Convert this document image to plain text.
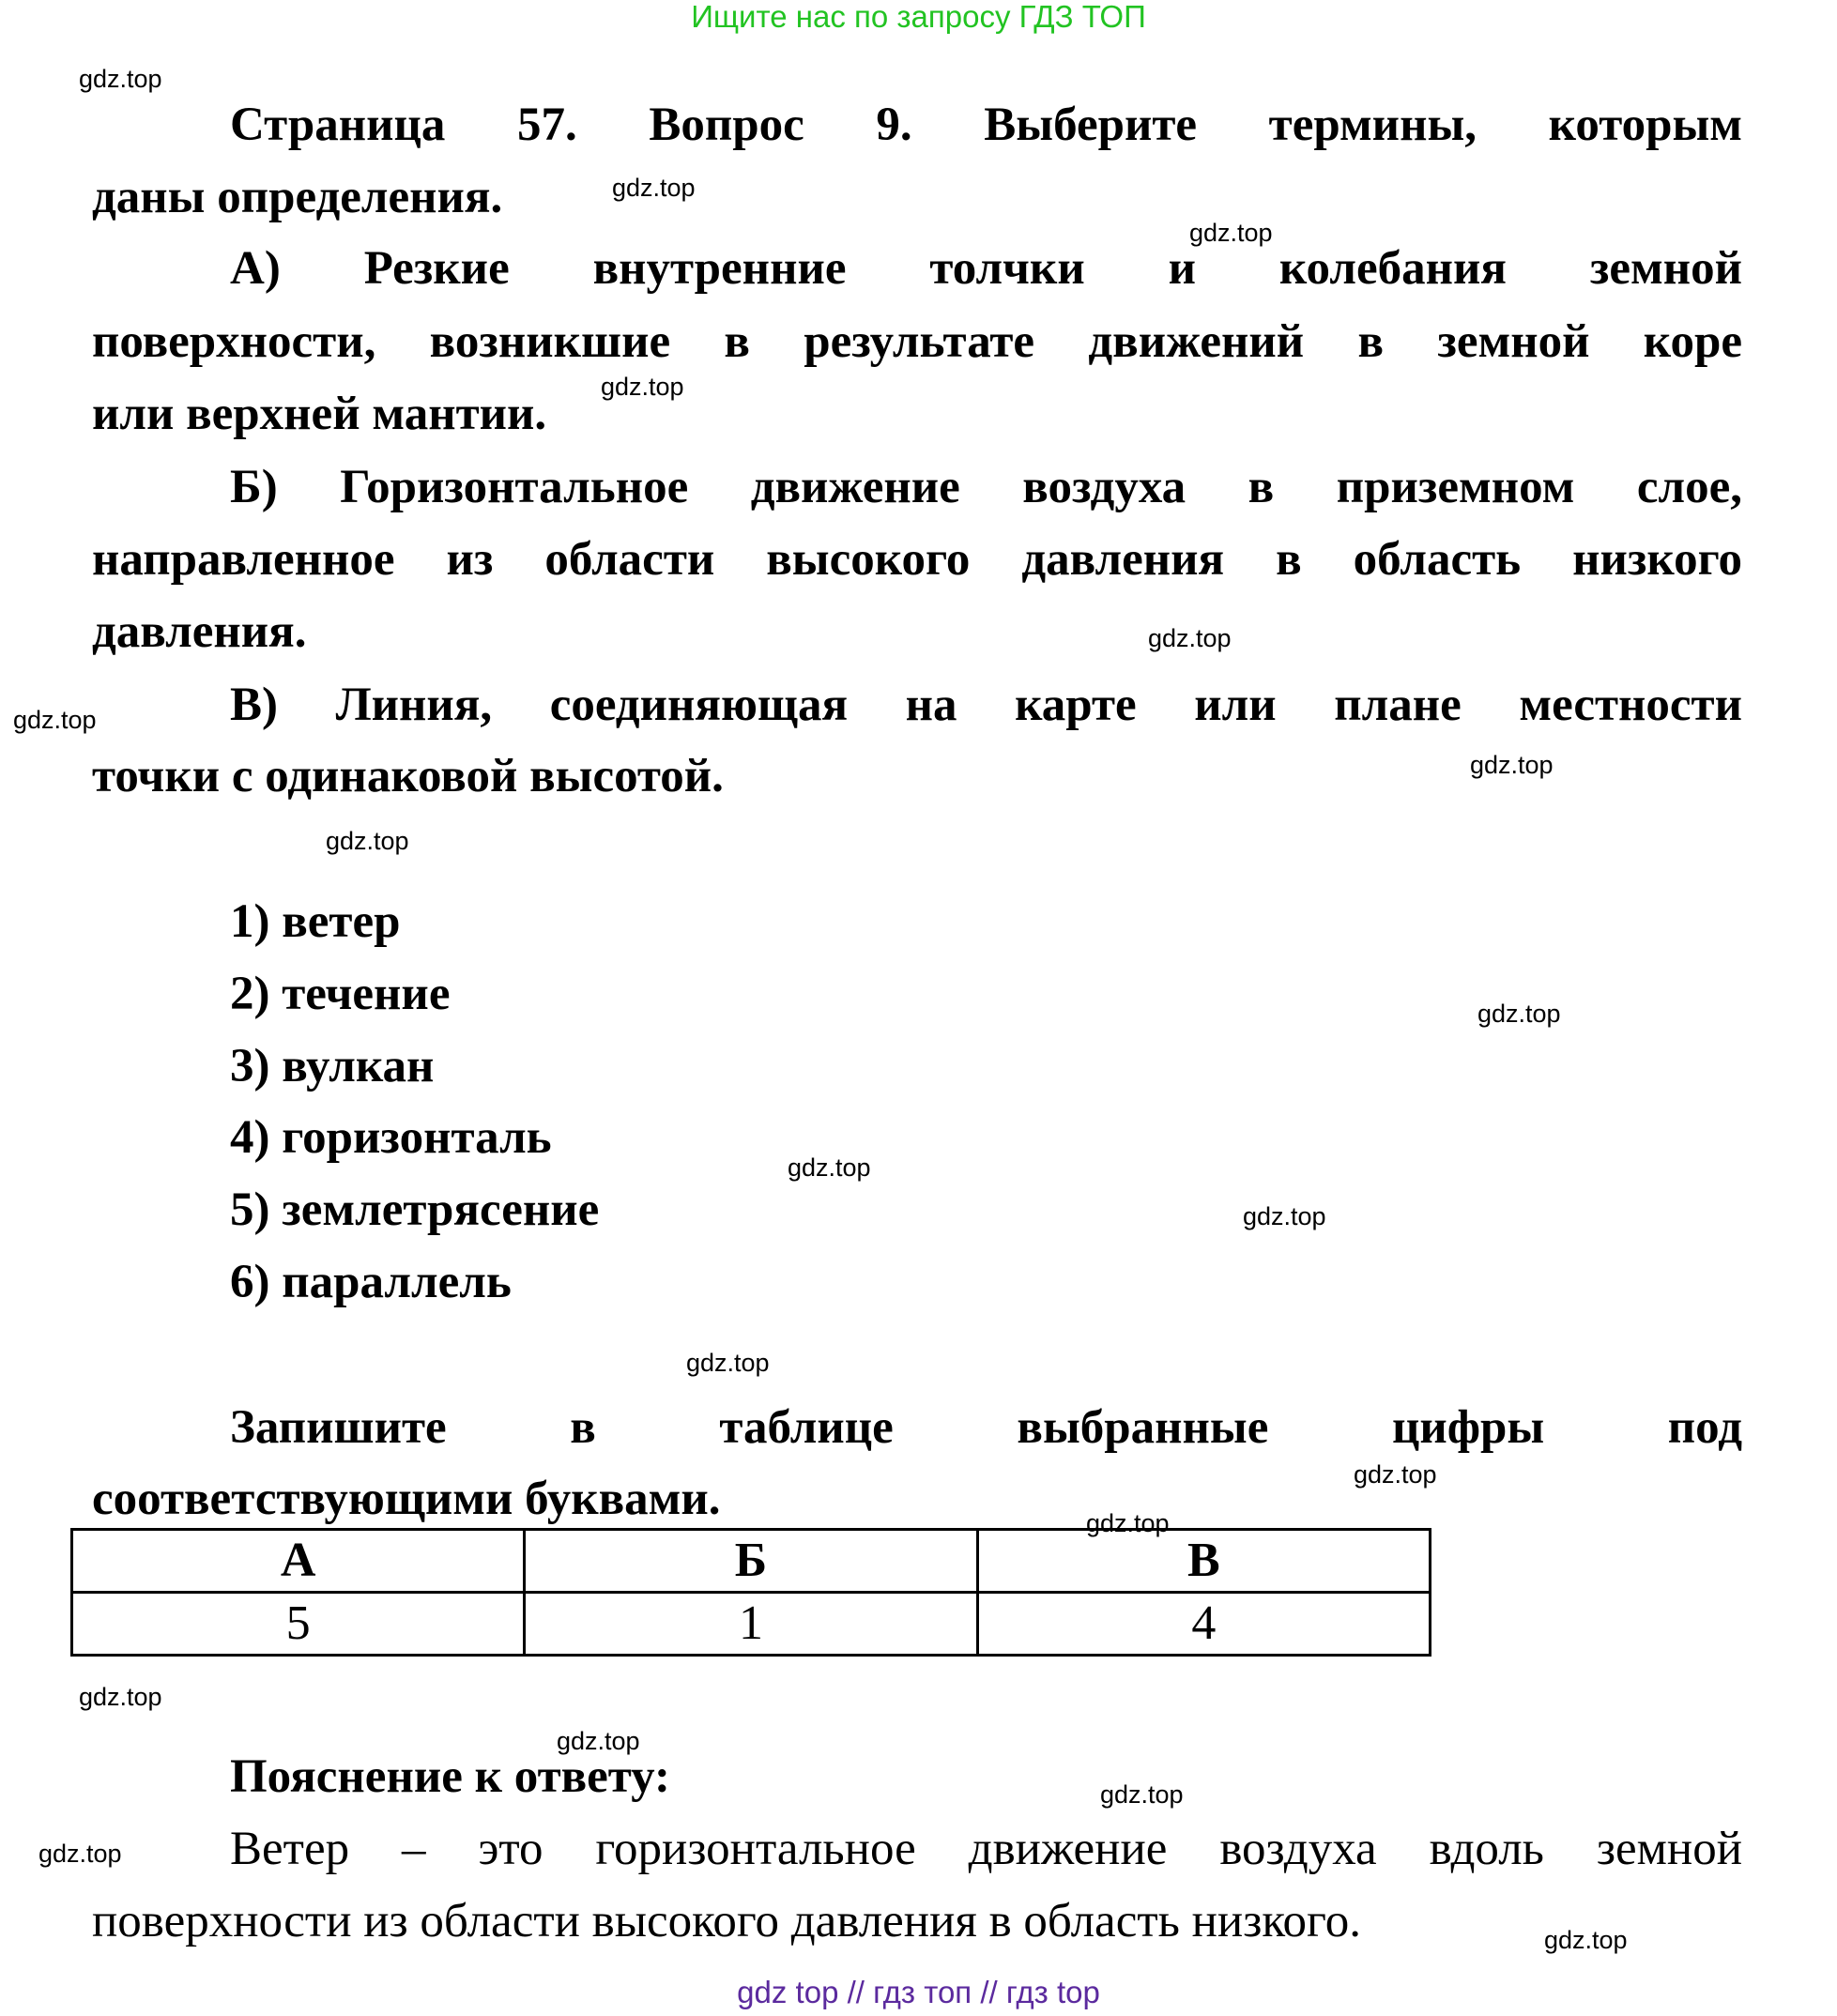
Ищите нас по запросу ГДЗ ТОП
Страница 57. Вопрос 9. Выберите термины, которым
даны определения.
А) Резкие внутренние толчки и колебания земной
поверхности, возникшие в результате движений в земной коре
или верхней мантии.
Б) Горизонтальное движение воздуха в приземном слое,
направленное из области высокого давления в область низкого
давления.
В) Линия, соединяющая на карте или плане местности
точки с одинаковой высотой.
1) ветер
2) течение
3) вулкан
4) горизонталь
5) землетрясение
6) параллель
Запишите в таблице выбранные цифры под
соответствующими буквами.
А	Б	В
5	1	4
Пояснение к ответу:
Ветер – это горизонтальное движение воздуха вдоль земной
поверхности из области высокого давления в область низкого.
gdz.top
gdz.top
gdz.top
gdz.top
gdz.top
gdz.top
gdz.top
gdz.top
gdz.top
gdz.top
gdz.top
gdz.top
gdz.top
gdz.top
gdz.top
gdz.top
gdz.top
gdz.top
gdz.top
gdz top // гдз топ // гдз top
